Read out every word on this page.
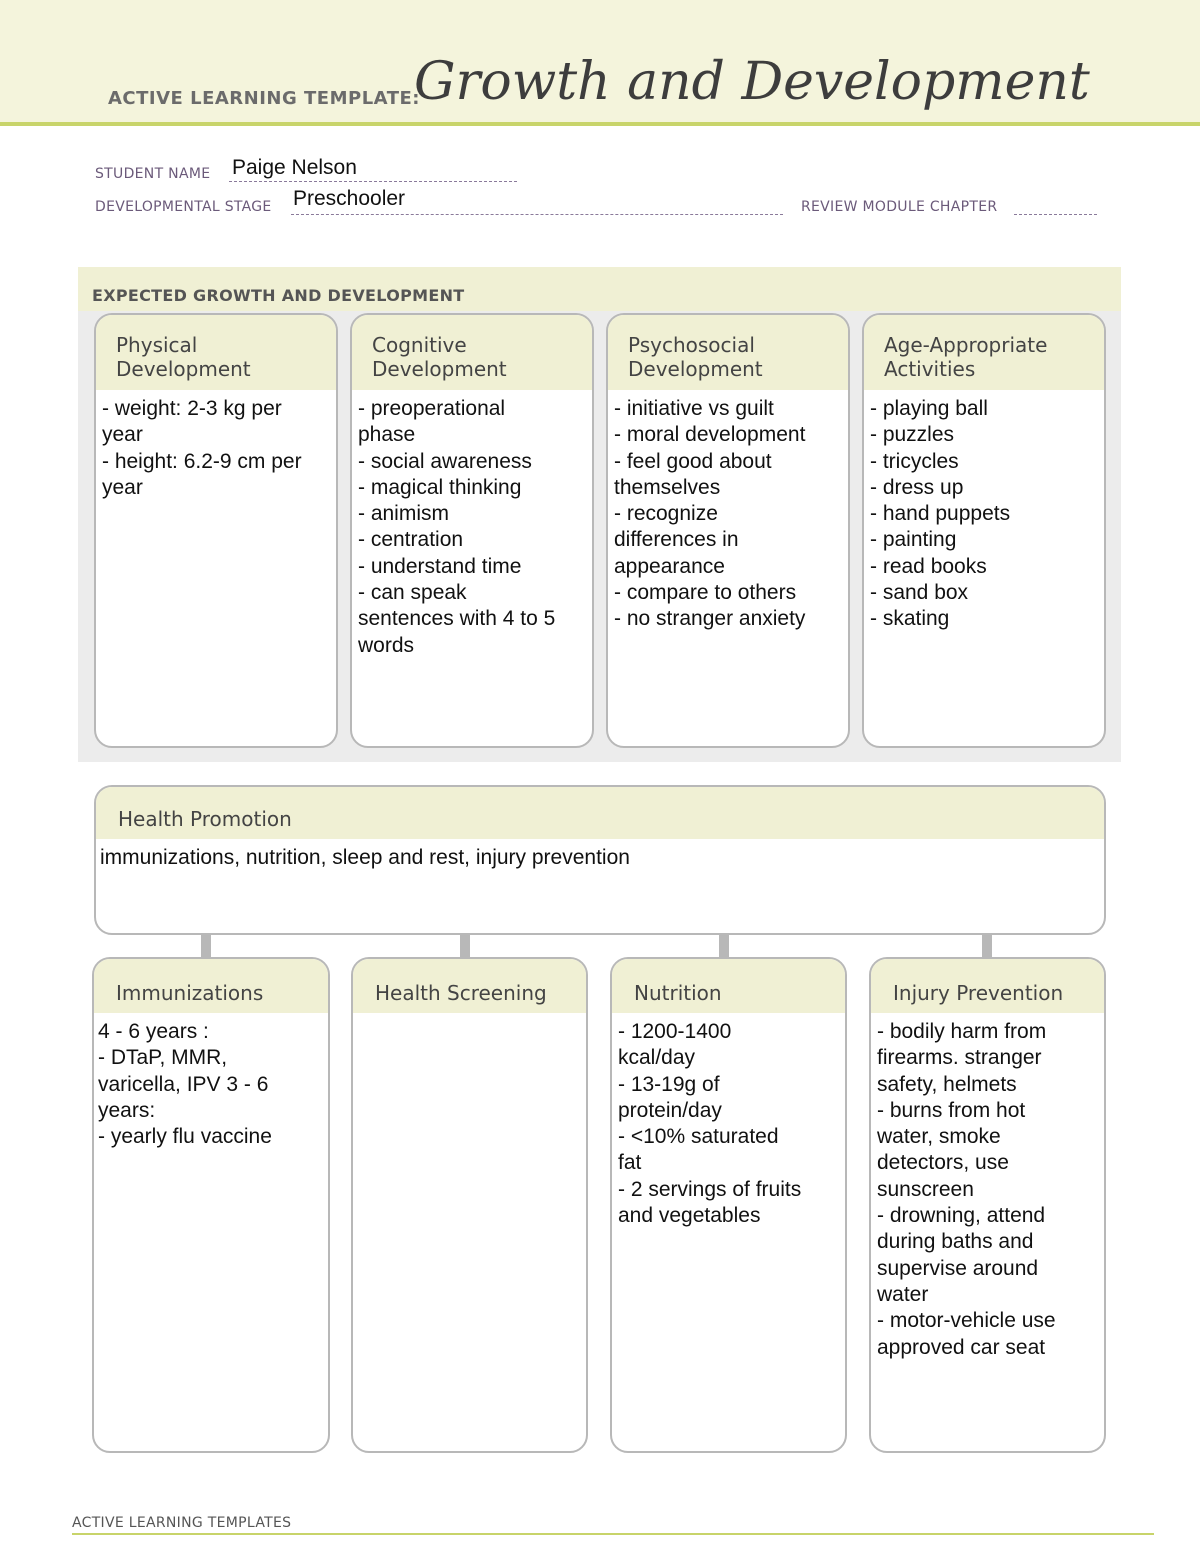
ACTIVE LEARNING TEMPLATE:
Growth and Development
STUDENT NAME Paige Nelson
DEVELOPMENTAL STAGE Preschooler	REVIEW MODULE CHAPTER
EXPECTED GROWTH AND DEVELOPMENT
Physical
Development
- weight: 2-3 kg per
year
- height: 6.2-9 cm per
year
Cognitive
Development
- preoperational
phase
- social awareness
- magical thinking
- animism
- centration
- understand time
- can speak
sentences with 4 to 5
words
Psychosocial
Development
- initiative vs guilt
- moral development
- feel good about
themselves
- recognize
differences in
appearance
- compare to others
- no stranger anxiety
Age-Appropriate
Activities
- playing ball
- puzzles
- tricycles
- dress up
- hand puppets
- painting
- read books
- sand box
- skating
Health Promotion
immunizations, nutrition, sleep and rest, injury prevention
Immunizations
4 - 6 years :
- DTaP, MMR,
varicella, IPV 3 - 6
years:
- yearly flu vaccine
Health Screening	Nutrition
- 1200-1400
kcal/day
- 13-19g of
protein/day
- <10% saturated
fat
- 2 servings of fruits
and vegetables
Injury Prevention
- bodily harm from
firearms. stranger
safety, helmets
- burns from hot
water, smoke
detectors, use
sunscreen
- drowning, attend
during baths and
supervise around
water
- motor-vehicle use
approved car seat
ACTIVE LEARNING TEMPLATES
